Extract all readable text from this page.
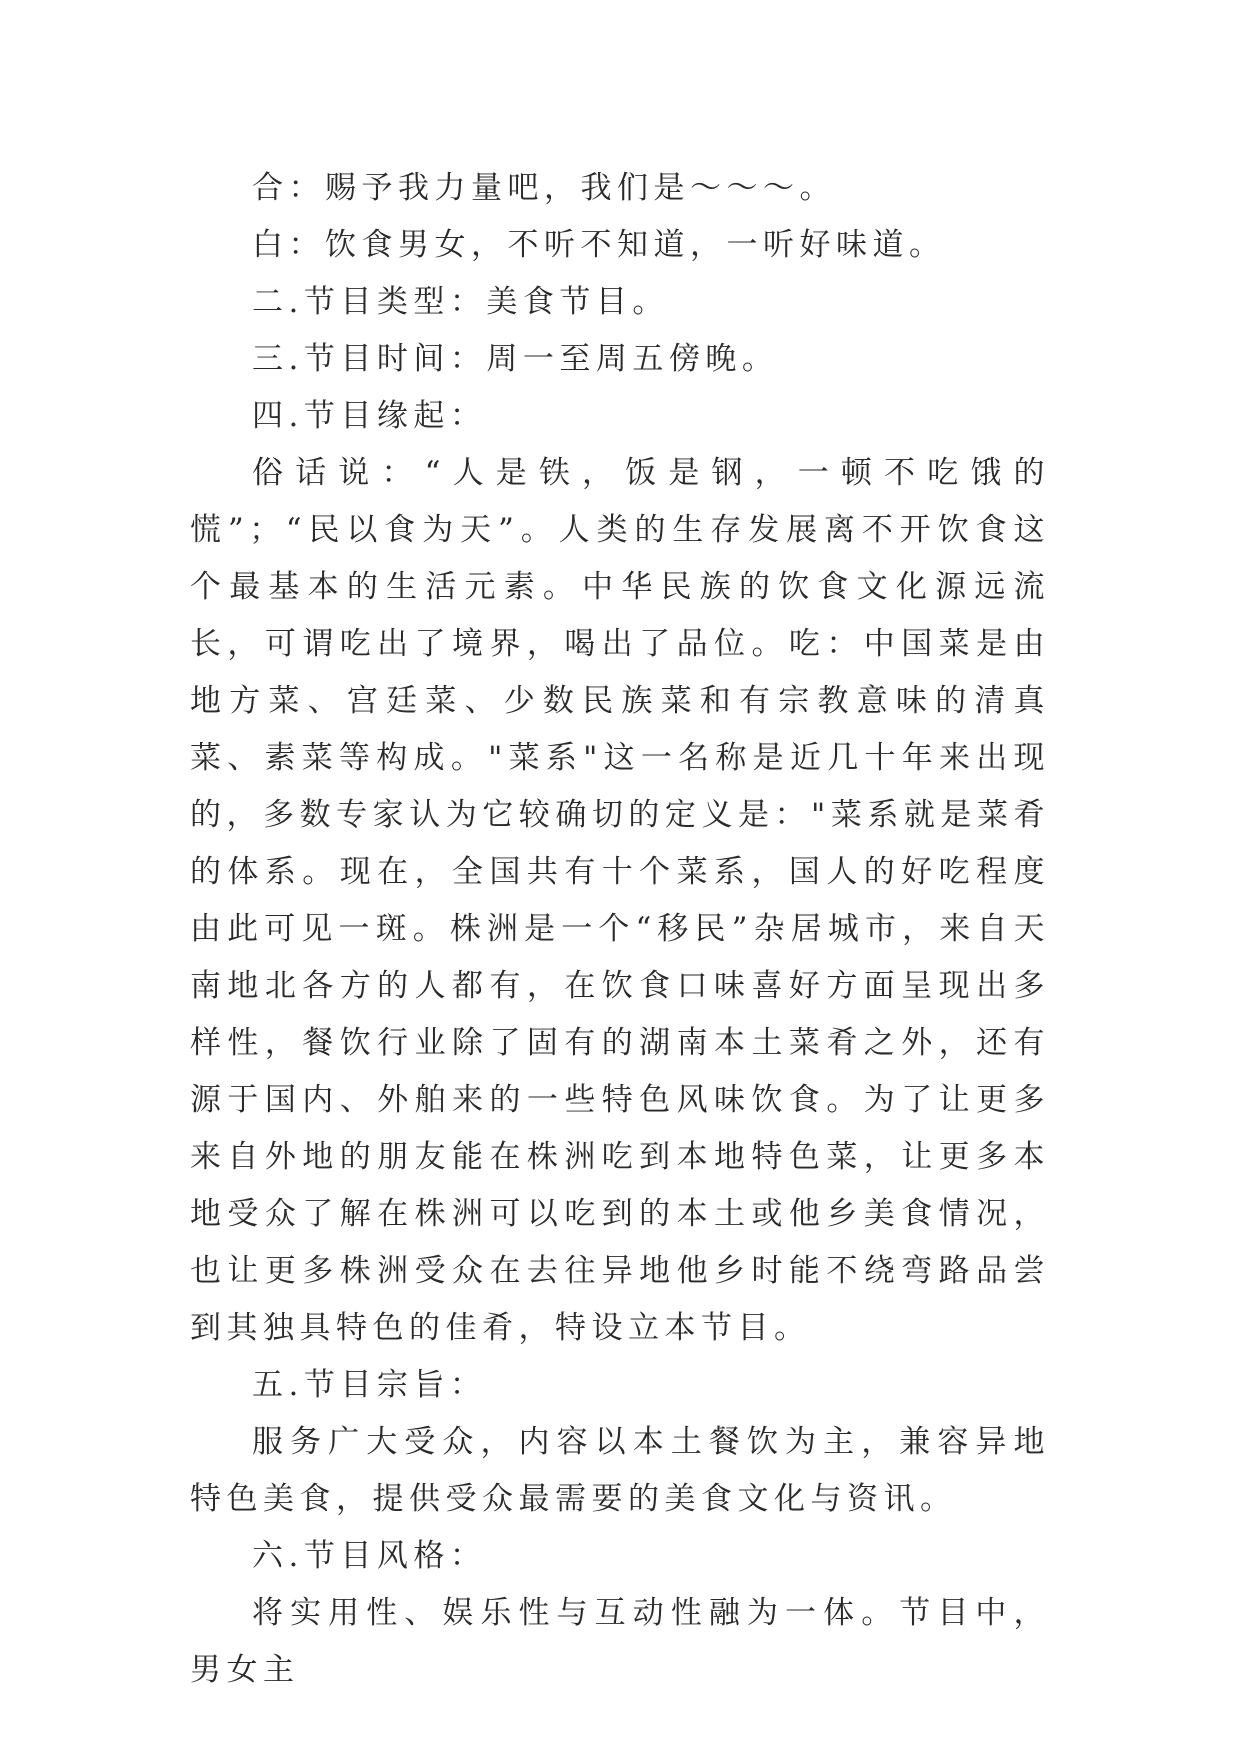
合：赐予我力量吧，我们是～～～。

白：饮食男女，不听不知道，一听好味道。

二.节目类型：美食节目。

三.节目时间：周一至周五傍晚。

四.节目缘起：

俗话说：“人是铁，饭是钢，一顿不吃饿的慌”；“民以食为天”。人类的生存发展离不开饮食这个最基本的生活元素。中华民族的饮食文化源远流长，可谓吃出了境界，喝出了品位。吃：中国菜是由地方菜、宫廷菜、少数民族菜和有宗教意味的清真菜、素菜等构成。"菜系"这一名称是近几十年来出现的，多数专家认为它较确切的定义是："菜系就是菜肴的体系。现在，全国共有十个菜系，国人的好吃程度由此可见一斑。株洲是一个“移民”杂居城市，来自天南地北各方的人都有，在饮食口味喜好方面呈现出多样性，餐饮行业除了固有的湖南本土菜肴之外，还有源于国内、外舶来的一些特色风味饮食。为了让更多来自外地的朋友能在株洲吃到本地特色菜，让更多本地受众了解在株洲可以吃到的本土或他乡美食情况，也让更多株洲受众在去往异地他乡时能不绕弯路品尝到其独具特色的佳肴，特设立本节目。

五.节目宗旨：

服务广大受众，内容以本土餐饮为主，兼容异地特色美食，提供受众最需要的美食文化与资讯。

六.节目风格：

将实用性、娱乐性与互动性融为一体。节目中，男女主
